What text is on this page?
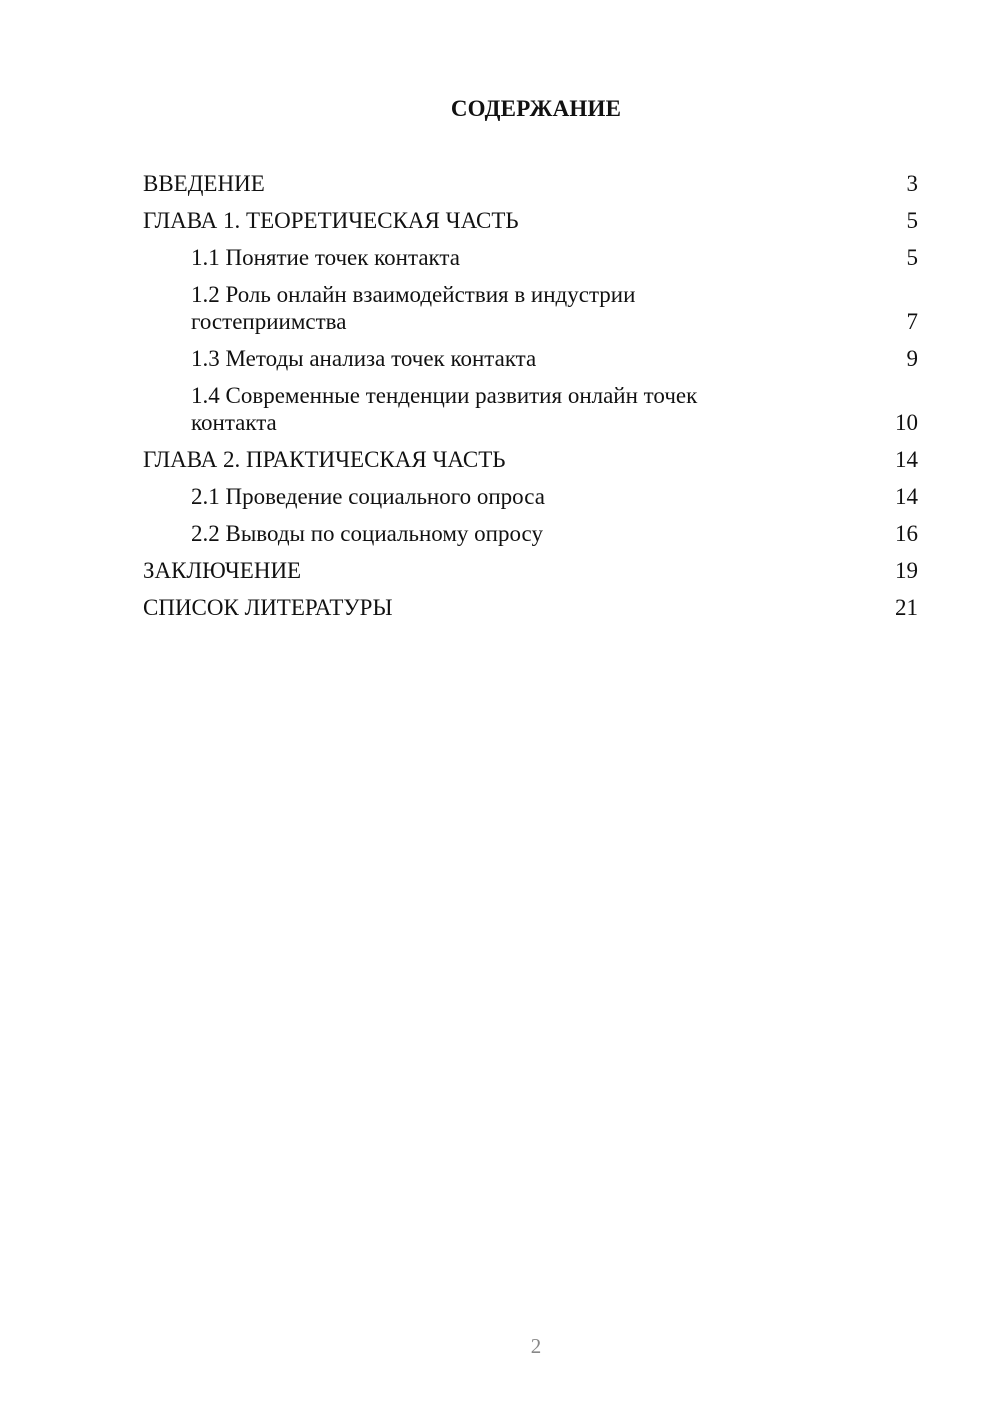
СОДЕРЖАНИЕ
ВВЕДЕНИЕ	3
ГЛАВА 1. ТЕОРЕТИЧЕСКАЯ ЧАСТЬ	5
1.1 Понятие точек контакта	5
1.2 Роль онлайн взаимодействия в индустрии гостеприимства	7
1.3 Методы анализа точек контакта	9
1.4 Современные тенденции развития онлайн точек контакта	10
ГЛАВА 2. ПРАКТИЧЕСКАЯ ЧАСТЬ	14
2.1 Проведение социального опроса	14
2.2 Выводы по социальному опросу	16
ЗАКЛЮЧЕНИЕ	19
СПИСОК ЛИТЕРАТУРЫ	21
2
